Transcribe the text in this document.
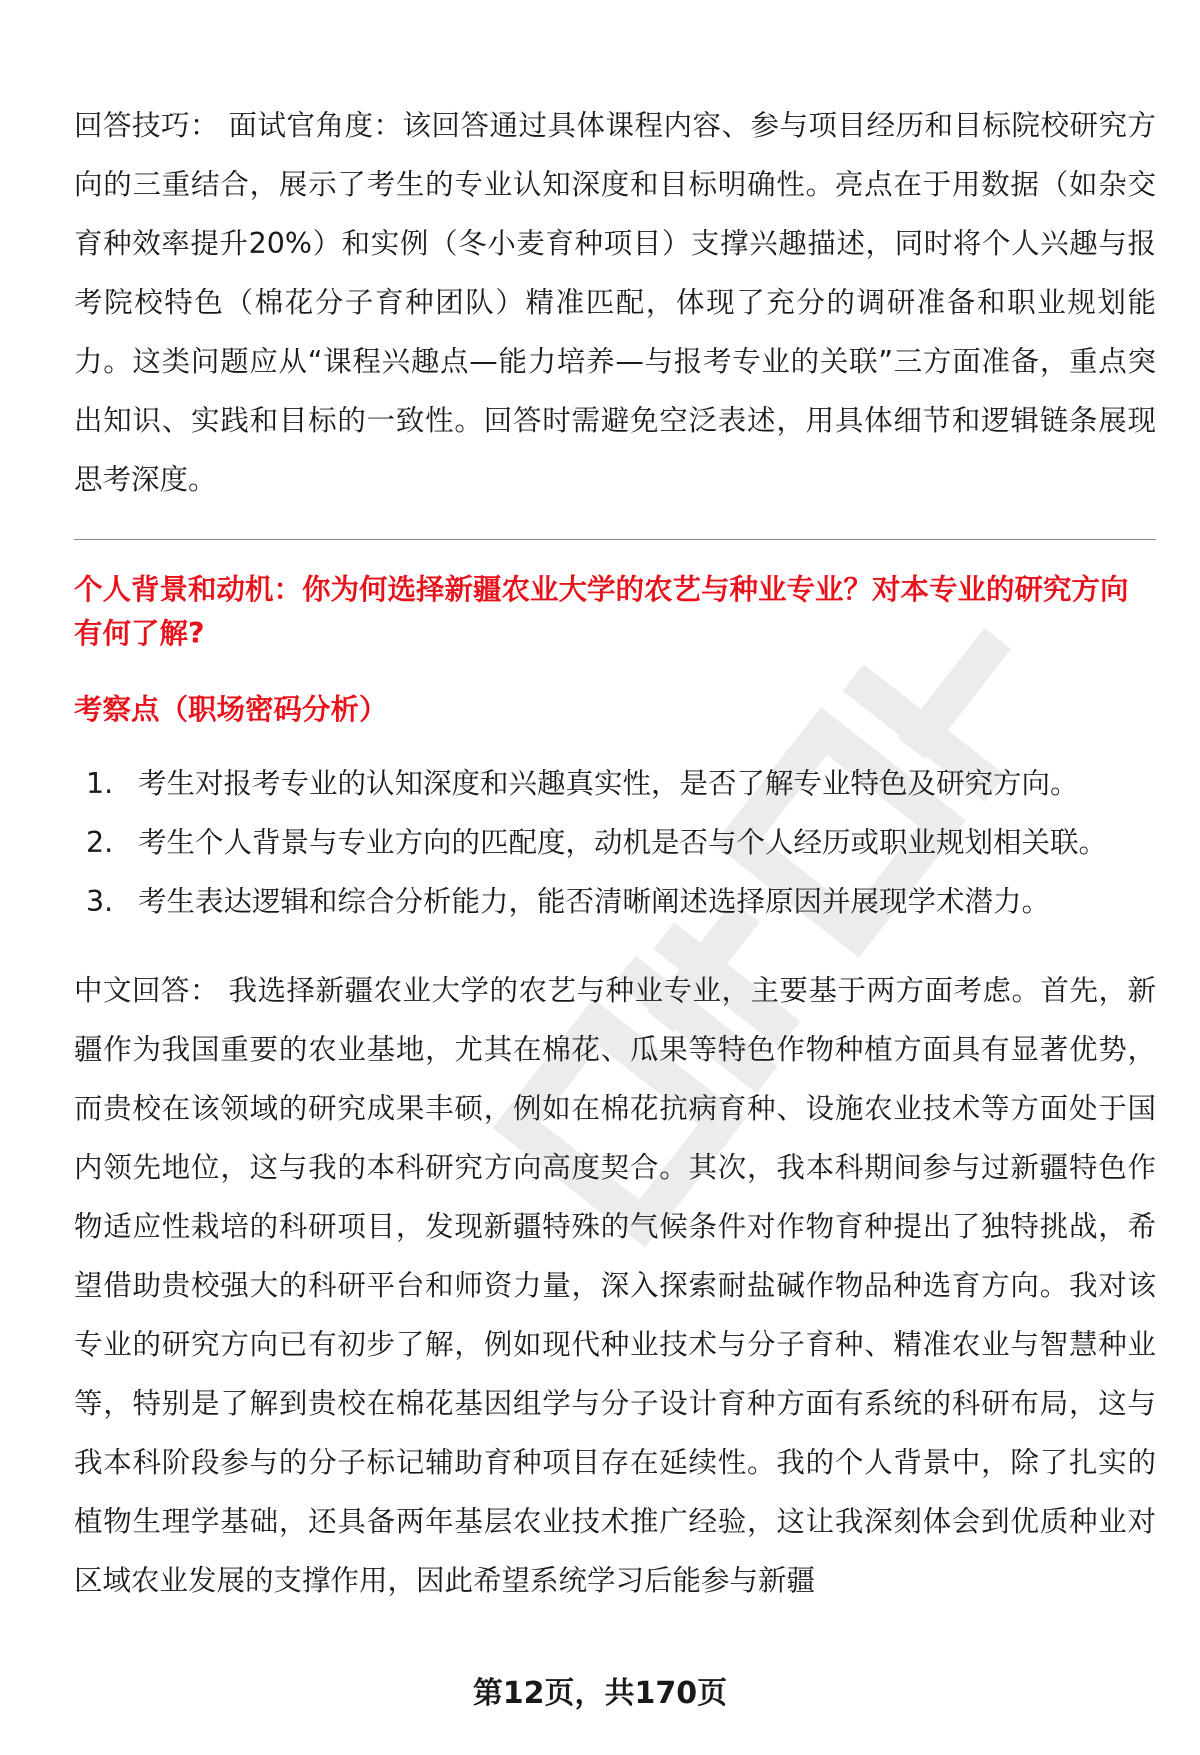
回答技巧： 面试官角度：该回答通过具体课程内容、参与项目经历和目标院校研究方向的三重结合，展示了考生的专业认知深度和目标明确性。亮点在于用数据（如杂交育种效率提升20%）和实例（冬小麦育种项目）支撑兴趣描述，同时将个人兴趣与报考院校特色（棉花分子育种团队）精准匹配，体现了充分的调研准备和职业规划能力。这类问题应从“课程兴趣点—能力培养—与报考专业的关联”三方面准备，重点突出知识、实践和目标的一致性。回答时需避免空泛表述，用具体细节和逻辑链条展现思考深度。

个人背景和动机：你为何选择新疆农业大学的农艺与种业专业？对本专业的研究方向有何了解?
考察点（职场密码分析）
1. 考生对报考专业的认知深度和兴趣真实性，是否了解专业特色及研究方向。
2. 考生个人背景与专业方向的匹配度，动机是否与个人经历或职业规划相关联。
3. 考生表达逻辑和综合分析能力，能否清晰阐述选择原因并展现学术潜力。

中文回答： 我选择新疆农业大学的农艺与种业专业，主要基于两方面考虑。首先，新疆作为我国重要的农业基地，尤其在棉花、瓜果等特色作物种植方面具有显著优势，而贵校在该领域的研究成果丰硕，例如在棉花抗病育种、设施农业技术等方面处于国内领先地位，这与我的本科研究方向高度契合。其次，我本科期间参与过新疆特色作物适应性栽培的科研项目，发现新疆特殊的气候条件对作物育种提出了独特挑战，希望借助贵校强大的科研平台和师资力量，深入探索耐盐碱作物品种选育方向。我对该专业的研究方向已有初步了解，例如现代种业技术与分子育种、精准农业与智慧种业等，特别是了解到贵校在棉花基因组学与分子设计育种方面有系统的科研布局，这与我本科阶段参与的分子标记辅助育种项目存在延续性。我的个人背景中，除了扎实的植物生理学基础，还具备两年基层农业技术推广经验，这让我深刻体会到优质种业对区域农业发展的支撑作用，因此希望系统学习后能参与新疆

第12页，共170页
